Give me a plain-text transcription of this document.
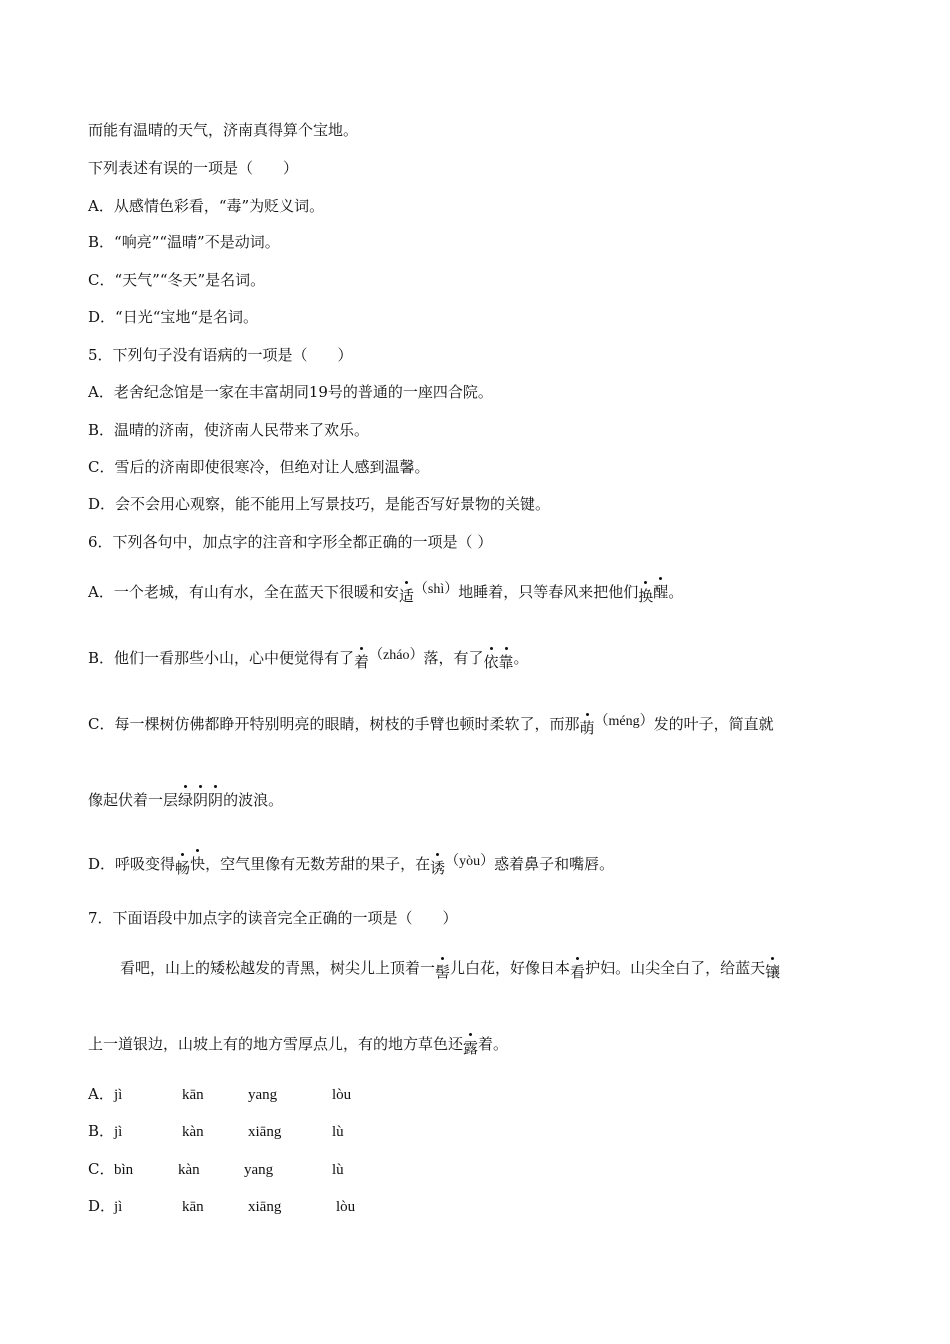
而能有温晴的天气，济南真得算个宝地。
下列表述有误的一项是（　　）
A．从感情色彩看，“毒”为贬义词。
B．“响亮”“温晴”不是动词。
C．“天气”“冬天”是名词。
D．“日光“宝地“是名词。
5．下列句子没有语病的一项是（　　）
A．老舍纪念馆是一家在丰富胡同19号的普通的一座四合院。
B．温晴的济南，使济南人民带来了欢乐。
C．雪后的济南即使很寒冷，但绝对让人感到温馨。
D．会不会用心观察，能不能用上写景技巧，是能否写好景物的关键。
6．下列各句中，加点字的注音和字形全都正确的一项是（ ）
A．一个老城，有山有水，全在蓝天下很暖和安适（shì）地睡着，只等春风来把他们换醒。
B．他们一看那些小山，心中便觉得有了着（zháo）落，有了依靠。
C．每一棵树仿佛都睁开特别明亮的眼睛，树枝的手臂也顿时柔软了，而那萌（méng）发的叶子，简直就
像起伏着一层绿阴阴的波浪。
D．呼吸变得畅快，空气里像有无数芳甜的果子，在诱（yòu）惑着鼻子和嘴唇。
7．下面语段中加点字的读音完全正确的一项是（　　）
看吧，山上的矮松越发的青黑，树尖儿上顶着一髻儿白花，好像日本看护妇。山尖全白了，给蓝天镶
上一道银边，山坡上有的地方雪厚点儿，有的地方草色还露着。
A．jì	kān	yang	lòu
B．jì	kàn	xiāng	lù
C．bìn	kàn	yang	lù
D．jì	kān	xiāng	lòu
